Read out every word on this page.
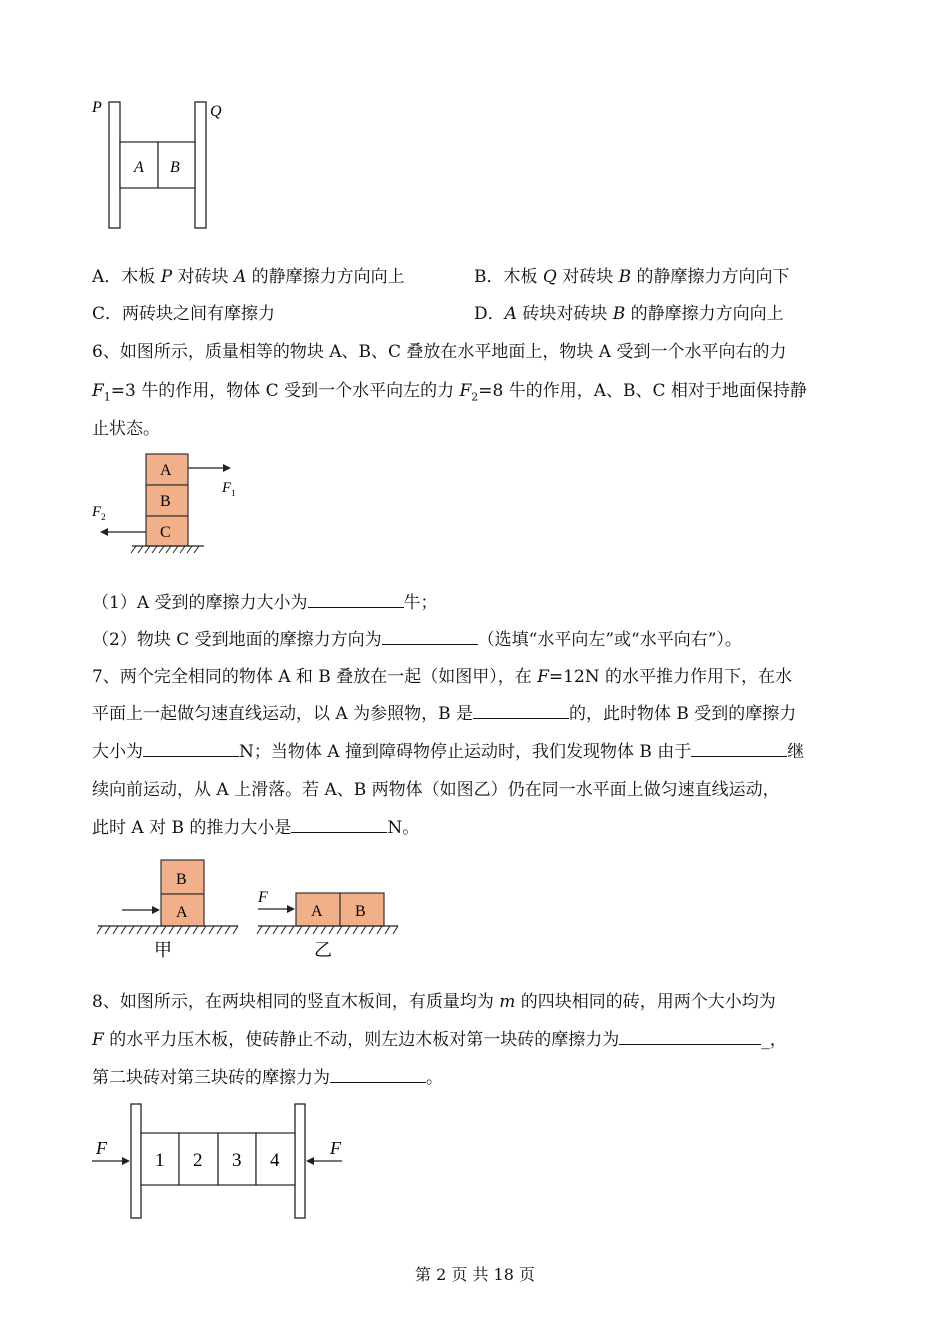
P	Q
A B
A．木板 P 对砖块 A 的静摩擦力方向向上	B．木板 Q 对砖块 B 的静摩擦力方向向下
C．两砖块之间有摩擦力	D．A 砖块对砖块 B 的静摩擦力方向向上
6、如图所示，质量相等的物块 A、B、C 叠放在水平地面上，物块 A 受到一个水平向右的力
$F_1=3$ 牛的作用，物体 C 受到一个水平向左的力 $F_2=8$ 牛的作用，A、B、C 相对于地面保持静
止状态。
A
B
C
$F_1$
$F_2$
（1）A 受到的摩擦力大小为	牛；
（2）物块 C 受到地面的摩擦力方向为	（选填“水平向左”或“水平向右”）。
7、两个完全相同的物体 A 和 B 叠放在一起（如图甲），在 F=12N 的水平推力作用下，在水
平面上一起做匀速直线运动，以 A 为参照物，B 是	的，此时物体 B 受到的摩擦力
大小为	N；当物体 A 撞到障碍物停止运动时，我们发现物体 B 由于	继
续向前运动，从 A 上滑落。若 A、B 两物体（如图乙）仍在同一水平面上做匀速直线运动，
此时 A 对 B 的推力大小是	N。
B
A
甲
A B
F
乙
8、如图所示，在两块相同的竖直木板间，有质量均为 m 的四块相同的砖，用两个大小均为
F 的水平力压木板，使砖静止不动，则左边木板对第一块砖的摩擦力为	_，
第二块砖对第三块砖的摩擦力为	。
1 2 3 4
F	F
第 2 页 共 18 页
